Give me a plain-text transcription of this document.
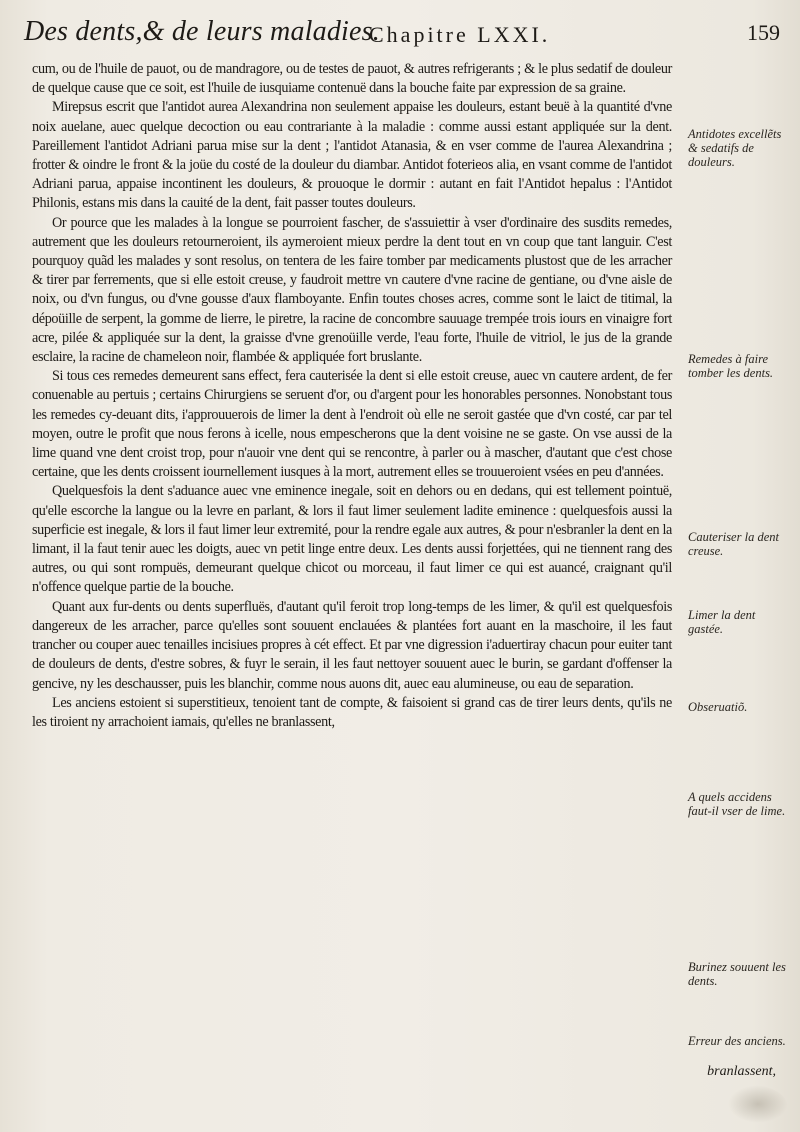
Des dents,& de leurs maladies.
Chapitre LXXI.	159

cum, ou de l'huile de pauot, ou de mandragore, ou de testes de pauot, & autres refrigerants ; & le plus sedatif de douleur de quelque cause que ce soit, est l'huile de iusquiame contenuë dans la bouche faite par expression de sa graine.

Mirepsus escrit que l'antidot aurea Alexandrina non seulement appaise les douleurs, estant beuë à la quantité d'vne noix auelane, auec quelque decoction ou eau contrariante à la maladie : comme aussi estant appliquée sur la dent. Pareillement l'antidot Adriani parua mise sur la dent ; l'antidot Atanasia, & en vser comme de l'aurea Alexandrina ; frotter & oindre le front & la joüe du costé de la douleur du diambar. Antidot foterieos alia, en vsant comme de l'antidot Adriani parua, appaise incontinent les douleurs, & prouoque le dormir : autant en fait l'Antidot hepalus : l'Antidot Philonis, estans mis dans la cauité de la dent, fait passer toutes douleurs.

Or pource que les malades à la longue se pourroient fascher, de s'assuiettir à vser d'ordinaire des susdits remedes, autrement que les douleurs retourneroient, ils aymeroient mieux perdre la dent tout en vn coup que tant languir. C'est pourquoy quãd les malades y sont resolus, on tentera de les faire tomber par medicaments plustost que de les arracher & tirer par ferrements, que si elle estoit creuse, y faudroit mettre vn cautere d'vne racine de gentiane, ou d'vne aisle de noix, ou d'vn fungus, ou d'vne gousse d'aux flamboyante. Enfin toutes choses acres, comme sont le laict de titimal, la dépoüille de serpent, la gomme de lierre, le piretre, la racine de concombre sauuage trempée trois iours en vinaigre fort acre, pilée & appliquée sur la dent, la graisse d'vne grenoüille verde, l'eau forte, l'huile de vitriol, le jus de la grande esclaire, la racine de chameleon noir, flambée & appliquée fort bruslante.

Si tous ces remedes demeurent sans effect, fera cauterisée la dent si elle estoit creuse, auec vn cautere ardent, de fer conuenable au pertuis ; certains Chirurgiens se seruent d'or, ou d'argent pour les honorables personnes. Nonobstant tous les remedes cy-deuant dits, i'approuuerois de limer la dent à l'endroit où elle ne seroit gastée que d'vn costé, car par tel moyen, outre le profit que nous ferons à icelle, nous empescherons que la dent voisine ne se gaste. On vse aussi de la lime quand vne dent croist trop, pour n'auoir vne dent qui se rencontre, à parler ou à mascher, d'autant que c'est chose certaine, que les dents croissent iournellement iusques à la mort, autrement elles se trouueroient vsées en peu d'années.

Quelquesfois la dent s'aduance auec vne eminence inegale, soit en dehors ou en dedans, qui est tellement pointuë, qu'elle escorche la langue ou la levre en parlant, & lors il faut limer seulement ladite eminence : quelquesfois aussi la superficie est inegale, & lors il faut limer leur extremité, pour la rendre egale aux autres, & pour n'esbranler la dent en la limant, il la faut tenir auec les doigts, auec vn petit linge entre deux. Les dents aussi forjettées, qui ne tiennent rang des autres, ou qui sont rompuës, demeurant quelque chicot ou morceau, il faut limer ce qui est auancé, craignant qu'il n'offence quelque partie de la bouche.

Quant aux fur-dents ou dents superfluës, d'autant qu'il feroit trop long-temps de les limer, & qu'il est quelquesfois dangereux de les arracher, parce qu'elles sont souuent enclauées & plantées fort auant en la maschoire, il les faut trancher ou couper auec tenailles incisiues propres à cét effect. Et par vne digression i'aduertiray chacun pour euiter tant de douleurs de dents, d'estre sobres, & fuyr le serain, il les faut nettoyer souuent auec le burin, se gardant d'offenser la gencive, ny les deschausser, puis les blanchir, comme nous auons dit, auec eau alumineuse, ou eau de separation.

Les anciens estoient si superstitieux, tenoient tant de compte, & faisoient si grand cas de tirer leurs dents, qu'ils ne les tiroient ny arrachoient iamais, qu'elles ne branlassent,

Antidotes excellẽts & sedatifs de douleurs.
Remedes à faire tomber les dents.
Cauteriser la dent creuse.
Limer la dent gastée.
Obseruatiõ.
A quels accidens faut-il vser de lime.
Burinez souuent les dents.
Erreur des anciens.
branlassent,
